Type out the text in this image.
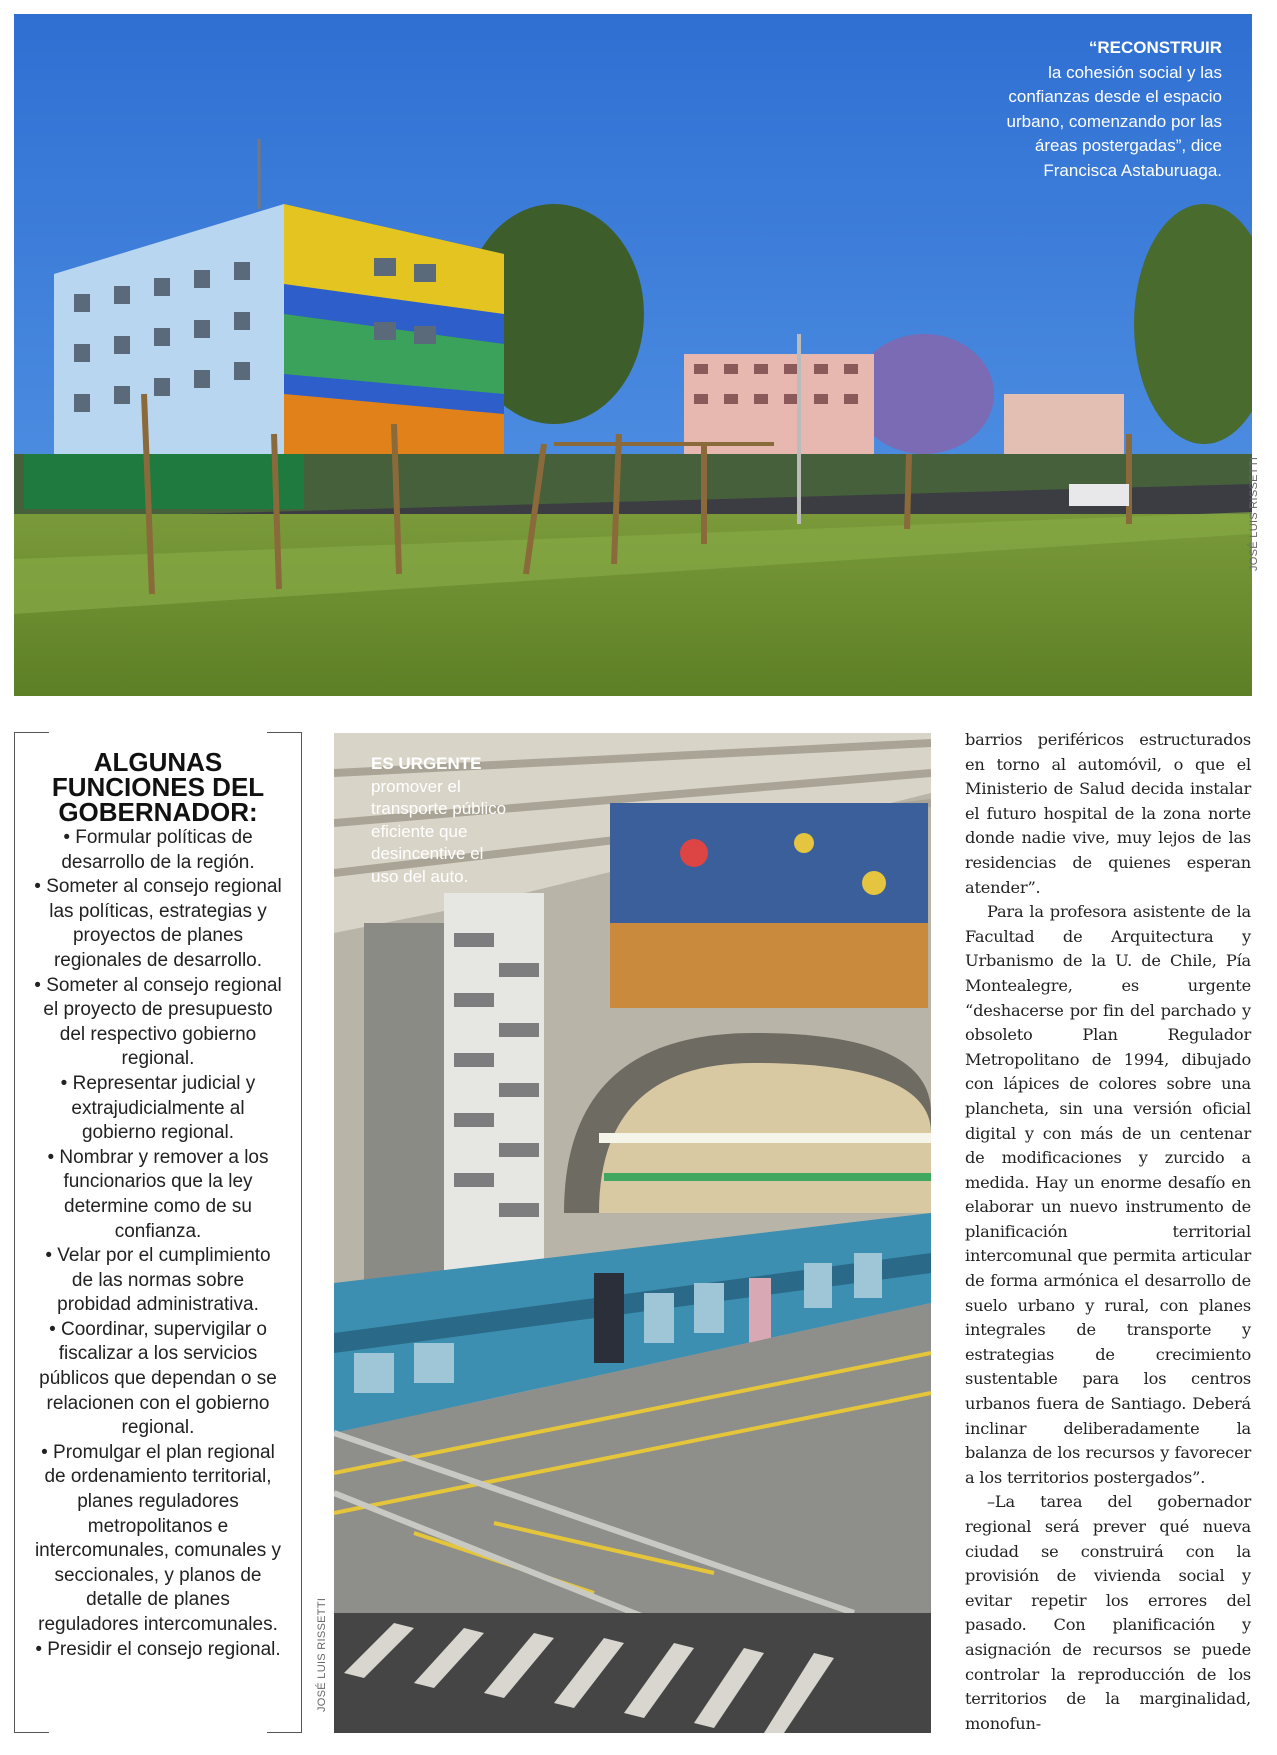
“RECONSTRUIR
la cohesión social y las confianzas desde el espacio urbano, comenzando por las áreas postergadas”, dice Francisca Astaburuaga.
JOSÉ LUIS RISSETTI
ALGUNAS FUNCIONES DEL GOBERNADOR:
• Formular políticas de desarrollo de la región.
• Someter al consejo regional las políticas, estrategias y proyectos de planes regionales de desarrollo.
• Someter al consejo regional el proyecto de presupuesto del respectivo gobierno regional.
• Representar judicial y extrajudicialmente al gobierno regional.
• Nombrar y remover a los funcionarios que la ley determine como de su confianza.
• Velar por el cumplimiento de las normas sobre probidad administrativa.
• Coordinar, supervigilar o fiscalizar a los servicios públicos que dependan o se relacionen con el gobierno regional.
• Promulgar el plan regional de ordenamiento territorial, planes reguladores metropolitanos e intercomunales, comunales y seccionales, y planos de detalle de planes reguladores intercomunales.
• Presidir el consejo regional.
ES URGENTE
promover el transporte público eficiente que desincentive el uso del auto.
JOSÉ LUIS RISSETTI

barrios periféricos estructurados en torno al automóvil, o que el Ministerio de Salud decida instalar el futuro hospital de la zona norte donde nadie vive, muy lejos de las residencias de quienes esperan atender”.

Para la profesora asistente de la Facultad de Arquitectura y Urbanismo de la U. de Chile, Pía Montealegre, es urgente “deshacerse por fin del parchado y obsoleto Plan Regulador Metropolitano de 1994, dibujado con lápices de colores sobre una plancheta, sin una versión oficial digital y con más de un centenar de modificaciones y zurcido a medida. Hay un enorme desafío en elaborar un nuevo instrumento de planificación territorial intercomunal que permita articular de forma armónica el desarrollo de suelo urbano y rural, con planes integrales de transporte y estrategias de crecimiento sustentable para los centros urbanos fuera de Santiago. Deberá inclinar deliberadamente la balanza de los recursos y favorecer a los territorios postergados”.

–La tarea del gobernador regional será prever qué nueva ciudad se construirá con la provisión de vivienda social y evitar repetir los errores del pasado. Con planificación y asignación de recursos se puede controlar la reproducción de los territorios de la marginalidad, monofun-
